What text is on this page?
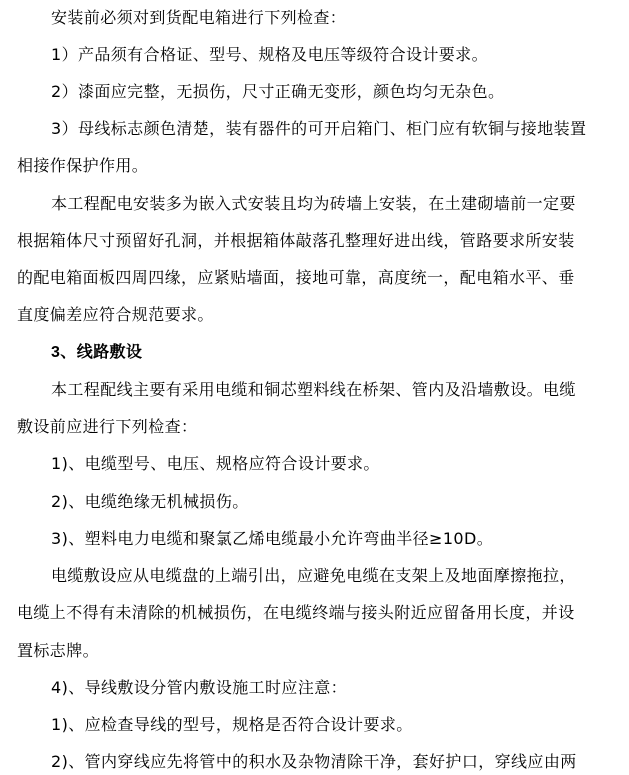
安装前必须对到货配电箱进行下列检查：
1）产品须有合格证、型号、规格及电压等级符合设计要求。
2）漆面应完整，无损伤，尺寸正确无变形，颜色均匀无杂色。
3）母线标志颜色清楚，装有器件的可开启箱门、柜门应有软铜与接地装置
相接作保护作用。
本工程配电安装多为嵌入式安装且均为砖墙上安装，在土建砌墙前一定要
根据箱体尺寸预留好孔洞，并根据箱体敲落孔整理好进出线，管路要求所安装
的配电箱面板四周四缘，应紧贴墙面，接地可靠，高度统一，配电箱水平、垂
直度偏差应符合规范要求。
3、线路敷设
本工程配线主要有采用电缆和铜芯塑料线在桥架、管内及沿墙敷设。电缆
敷设前应进行下列检查：
1)、电缆型号、电压、规格应符合设计要求。
2)、电缆绝缘无机械损伤。
3)、塑料电力电缆和聚氯乙烯电缆最小允许弯曲半径≥10D。
电缆敷设应从电缆盘的上端引出，应避免电缆在支架上及地面摩擦拖拉，
电缆上不得有未清除的机械损伤，在电缆终端与接头附近应留备用长度，并设
置标志牌。
4)、导线敷设分管内敷设施工时应注意：
1)、应检查导线的型号，规格是否符合设计要求。
2)、管内穿线应先将管中的积水及杂物清除干净，套好护口，穿线应由两
